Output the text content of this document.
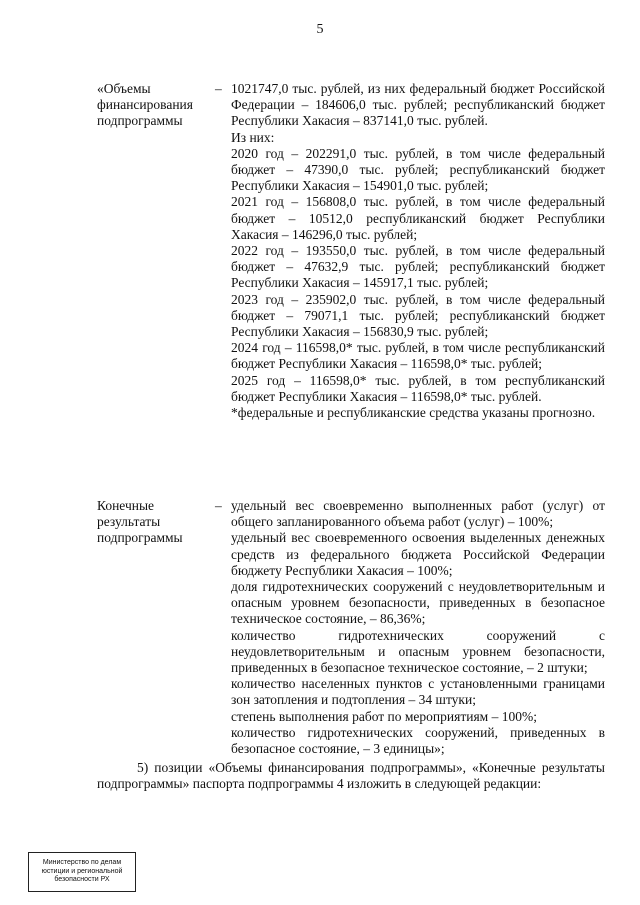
5
«Объемы
финансирования
подпрограммы
– 1021747,0 тыс. рублей, из них федеральный бюджет Российской Федерации – 184606,0 тыс. рублей; республиканский бюджет Республики Хакасия – 837141,0 тыс. рублей.

Из них:

2020 год – 202291,0 тыс. рублей, в том числе федеральный бюджет – 47390,0 тыс. рублей; республиканский бюджет Республики Хакасия – 154901,0 тыс. рублей;

2021 год – 156808,0 тыс. рублей, в том числе федеральный бюджет – 10512,0 республиканский бюджет Республики Хакасия – 146296,0 тыс. рублей;

2022 год – 193550,0 тыс. рублей, в том числе федеральный бюджет – 47632,9 тыс. рублей; республиканский бюджет Республики Хакасия – 145917,1 тыс. рублей;

2023 год – 235902,0 тыс. рублей, в том числе федеральный бюджет – 79071,1 тыс. рублей; республиканский бюджет Республики Хакасия – 156830,9 тыс. рублей;

2024 год – 116598,0* тыс. рублей, в том числе республиканский бюджет Республики Хакасия – 116598,0* тыс. рублей;

2025 год – 116598,0* тыс. рублей, в том республиканский бюджет Республики Хакасия – 116598,0* тыс. рублей.

*федеральные и республиканские средства указаны прогнозно.

Конечные
результаты
подпрограммы
– удельный вес своевременно выполненных работ (услуг) от общего запланированного объема работ (услуг) – 100%;

удельный вес своевременного освоения выделенных денежных средств из федерального бюджета Российской Федерации бюджету Республики Хакасия – 100%;

доля гидротехнических сооружений с неудовлетворительным и опасным уровнем безопасности, приведенных в безопасное техническое состояние, – 86,36%;

количество гидротехнических сооружений с неудовлетворительным и опасным уровнем безопасности, приведенных в безопасное техническое состояние, – 2 штуки;

количество населенных пунктов с установленными границами зон затопления и подтопления – 34 штуки;

степень выполнения работ по мероприятиям – 100%;

количество гидротехнических сооружений, приведенных в безопасное состояние, – 3 единицы»;

5) позиции «Объемы финансирования подпрограммы», «Конечные результаты подпрограммы» паспорта подпрограммы 4 изложить в следующей редакции:
Министерство по делам
юстиции и региональной
безопасности РХ
